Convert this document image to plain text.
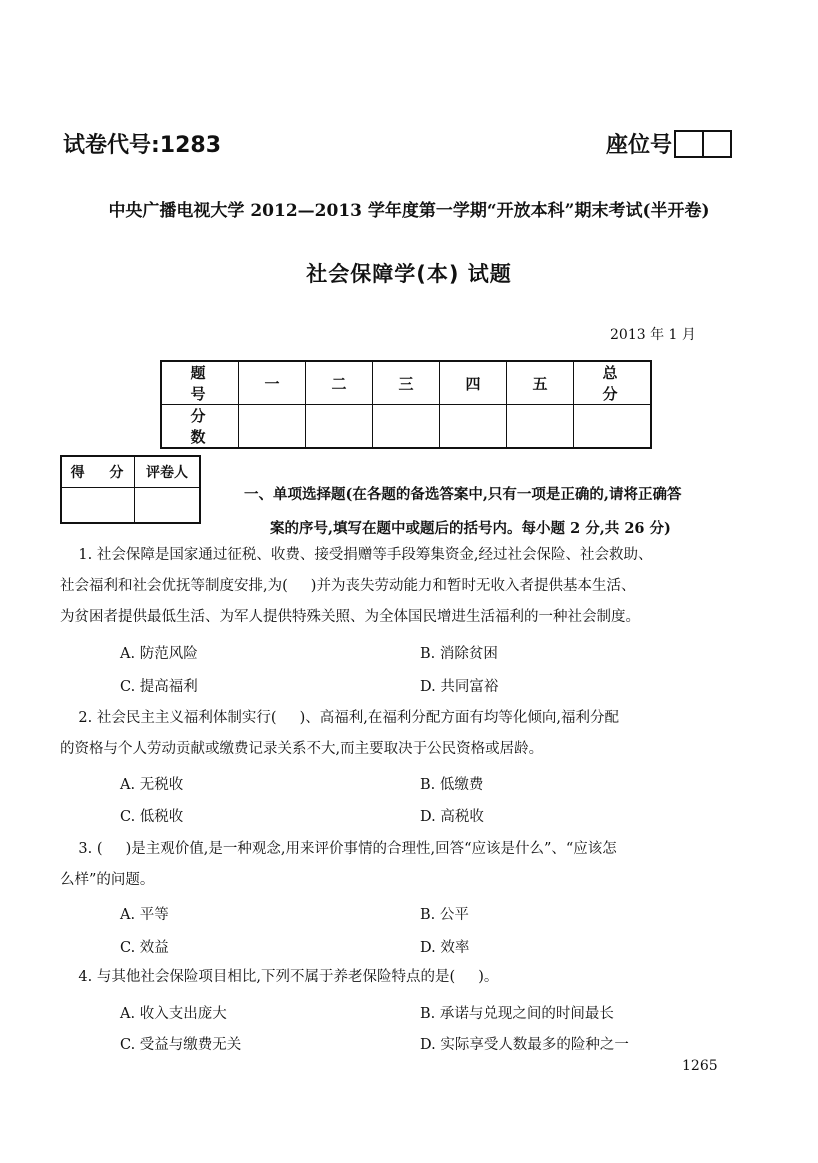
试卷代号:1283	座位号
中央广播电视大学 2012—2013 学年度第一学期“开放本科”期末考试(半开卷)
社会保障学(本) 试题
2013 年 1 月
题 号	一	二	三	四	五	总 分
分 数						
得 分	评卷人

一、单项选择题(在各题的备选答案中,只有一项是正确的,请将正确答
案的序号,填写在题中或题后的括号内。每小题 2 分,共 26 分)
1. 社会保障是国家通过征税、收费、接受捐赠等手段筹集资金,经过社会保险、社会救助、
社会福利和社会优抚等制度安排,为(     )并为丧失劳动能力和暂时无收入者提供基本生活、
为贫困者提供最低生活、为军人提供特殊关照、为全体国民增进生活福利的一种社会制度。
A. 防范风险	B. 消除贫困
C. 提高福利	D. 共同富裕
2. 社会民主主义福利体制实行(     )、高福利,在福利分配方面有均等化倾向,福利分配
的资格与个人劳动贡献或缴费记录关系不大,而主要取决于公民资格或居龄。
A. 无税收	B. 低缴费
C. 低税收	D. 高税收
3. (     )是主观价值,是一种观念,用来评价事情的合理性,回答“应该是什么”、“应该怎
么样”的问题。
A. 平等	B. 公平
C. 效益	D. 效率
4. 与其他社会保险项目相比,下列不属于养老保险特点的是(     )。
A. 收入支出庞大	B. 承诺与兑现之间的时间最长
C. 受益与缴费无关	D. 实际享受人数最多的险种之一
1265
